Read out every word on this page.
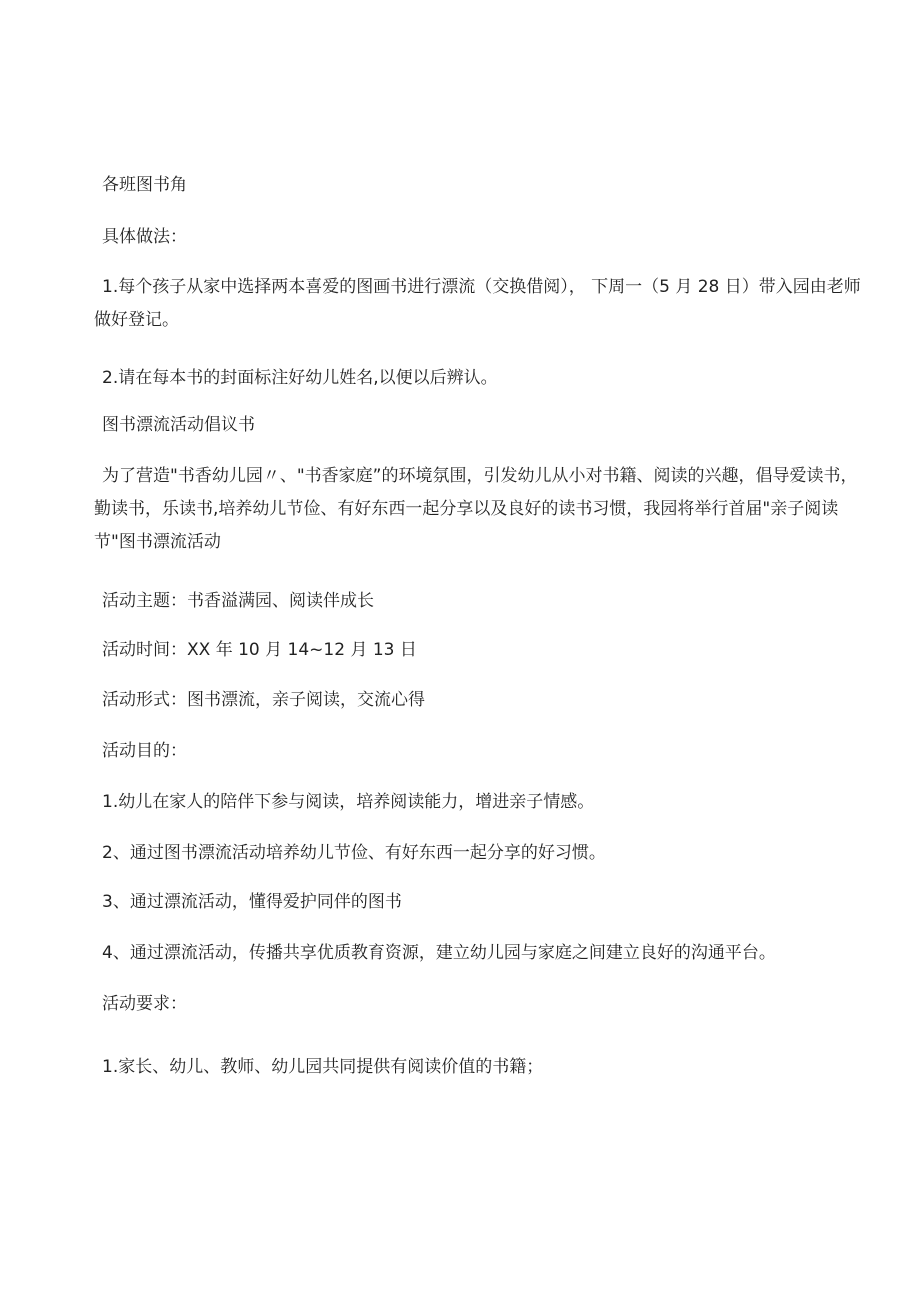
各班图书角

具体做法：

1.每个孩子从家中选择两本喜爱的图画书进行漂流（交换借阅）， 下周一（5 月 28 日）带入园由老师做好登记。

2.请在每本书的封面标注好幼儿姓名,以便以后辨认。

图书漂流活动倡议书

为了营造"书香幼儿园〃、"书香家庭”的环境氛围，引发幼儿从小对书籍、阅读的兴趣，倡导爱读书，勤读书，乐读书,培养幼儿节俭、有好东西一起分享以及良好的读书习惯，我园将举行首届"亲子阅读节"图书漂流活动

活动主题：书香溢满园、阅读伴成长

活动时间：XX 年 10 月 14~12 月 13 日

活动形式：图书漂流，亲子阅读，交流心得

活动目的：

1.幼儿在家人的陪伴下参与阅读，培养阅读能力，增进亲子情感。

2、通过图书漂流活动培养幼儿节俭、有好东西一起分享的好习惯。

3、通过漂流活动，懂得爱护同伴的图书

4、通过漂流活动，传播共享优质教育资源，建立幼儿园与家庭之间建立良好的沟通平台。

活动要求：

1.家长、幼儿、教师、幼儿园共同提供有阅读价值的书籍；
